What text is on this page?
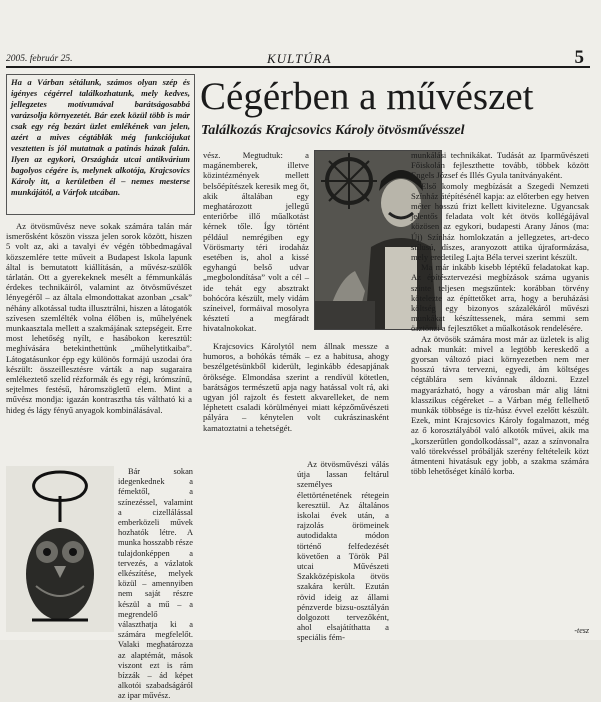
2005. február 25.	KULTÚRA	5
Ha a Várban sétálunk, számos olyan szép és igényes cégérrel találkozhatunk, mely kedves, jellegzetes motívumával barátságosabbá varázsolja környezetét. Bár ezek közül több is már csak egy rég bezárt üzlet emlékének van jelen, azért a mives cégtáblák még funkciójukat vesztetten is jól mutatnak a patinás házak falán. Ilyen az egykori, Országház utcai antikvárium bagolyos cégére is, melynek alkotója, Krajcsovics Károly itt, a kerületben él – nemes mesterse munkájától, a Várfok utcában.
Cégérben a művészet
Találkozás Krajcsovics Károly ötvösművésszel

Az ötvösművész neve sokak számára talán már ismerősként köszön vissza jelen sorok között, hiszen 5 volt az, aki a tavalyi év végén többedmagával közszemlére tette műveit a Budapest Iskola lapunk által is bemutatott kiállításán, a művész-szülők tárlatán. Ott a gyerekeknek mesélt a fémmunkálás érdekes technikáiról, valamint az ötvösművészet lényegéről – az általa elmondottakat azonban „csak” néhány alkotással tudta illusztrálni, hiszen a látogatók szívesen szemlélték volna élőben is, műhelyének munkaasztala mellett a szakmájának sztepségeit. Erre most lehetőség nyílt, e hasábokon keresztül: meghívására betekinthettünk „műhelytitkaiba”. Látogatásunkor épp egy különös formájú uszodai óra készült: összeillesztésre várták a nap sugaraira emlékeztető szelíd rézformák és egy régi, krómszínű, sejtelmes festésű, háromszögletű elem. Mint a művész mondja: igazán kontrasztha tás váltható ki a hideg és lágy fényű anyagok kombinálásával.

Bár sokan idegenkednek a fémektől, a színezéssel, valamint a cizellálással emberközeli művek hozhatók létre. A munka hosszabb része tulajdonképpen a tervezés, a vázlatok elkészítése, melyek közül – amennyiben nem saját részre készül a mű – a megrendelő választhatja ki a számára megfelelőt. Valaki meghatározza az alaptémát, mások viszont ezt is rám bízzák – ád képet alkotói szabadságáról az ipar művész.

vész. Megtudtuk: a magánemberek, illetve közintézmények mellett belsőépítészek keresik meg őt, akik általában egy meghatározott jellegű enteriőrbe illő műalkotást kérnek tőle. Így történt például nemrégiben egy Vörösmarty téri irodaház esetében is, ahol a kissé egyhangú belső udvar „megbolondítása” volt a cél – ide tehát egy absztrakt bohócóra készült, mely vidám színeivel, formáival mosolyra késztetí a megfáradt hivatalnokokat.

Krajcsovics Károlytól nem állnak messze a humoros, a bohókás témák – ez a habitusa, ahogy beszélgetésünkből kiderült, leginkább édesapjának öröksége. Elmondása szerint a rendívül kötetlen, barátságos természetű apja nagy hatással volt rá, aki ugyan jól rajzolt és festett akvarelleket, de nem léphetett csaladi körülményei miatt képzőművészeti pályára – kénytelen volt cukrászinasként kamatoztatni a tehetségét.

Az ötvösművészi válás útja lassan feltárul személyes élettörténetének rétegein keresztül. Az általános iskolai évek után, a rajzolás örömeinek autodidakta módon történő felfedezését követően a Török Pál utcai Művészeti Szakközépiskola ötvös szakára került. Ezután rövid ideig az állami pénzverde bizsu-osztályán dolgozott tervezőként, ahol elsajátíthatta a speciális fém-

munkálási technikákat. Tudását az Iparművészeti Főiskolán fejleszthette tovább, többek között Engels József és Illés Gyula tanítványaként.

Első komoly megbízását a Szegedi Nemzeti Színház átépítésénél kapja: az előterben egy hetven méter hosszú frizt kellett kivitelezne. Ugyancsak jelentős feladata volt két ötvös kollégájával közösen az egykori, budapesti Arany János (ma: Új) Színház homlokzatán a jellegzetes, art-deco stílusú, díszes, aranyozott attika újraformázása, mely eredetileg Lajta Béla tervei szerint készült.

Ma már inkább kisebb léptékű feladatokat kap. Az építésztervezési megbízások száma ugyanis szinte teljesen megszűntek: korábban törvény kötelezte az építtetőket arra, hogy a beruházási költség egy bizonyos százalékáról művészi munkákat készíttessenek, mára semmi sem ösztönzi a fejlesztőket a műalkotások rendelésére.

Az ötvösök számára most már az üzletek is alig adnak munkát: mivel a legtöbb kereskedő a gyorsan változó piaci környezetben nem mer hosszú távra tervezni, egyedi, ám költséges cégtáblára sem kívánnak áldozni. Ezzel magyarázható, hogy a városban már alig látni klasszikus cégéreket – a Várban még fellelhető munkák többsége is tíz-húsz évvel ezelőtt készült. Ezek, mint Krajcsovics Károly fogalmazott, még az ő korosztályából való alkotók művei, akik ma „korszerűtlen gondolkodással”, azaz a színvonalra való törekvéssel próbálják szerény feltételeik közt átmenteni hivatásuk egy jobb, a szakma számára több lehetőséget kínáló korba.

-tesz
